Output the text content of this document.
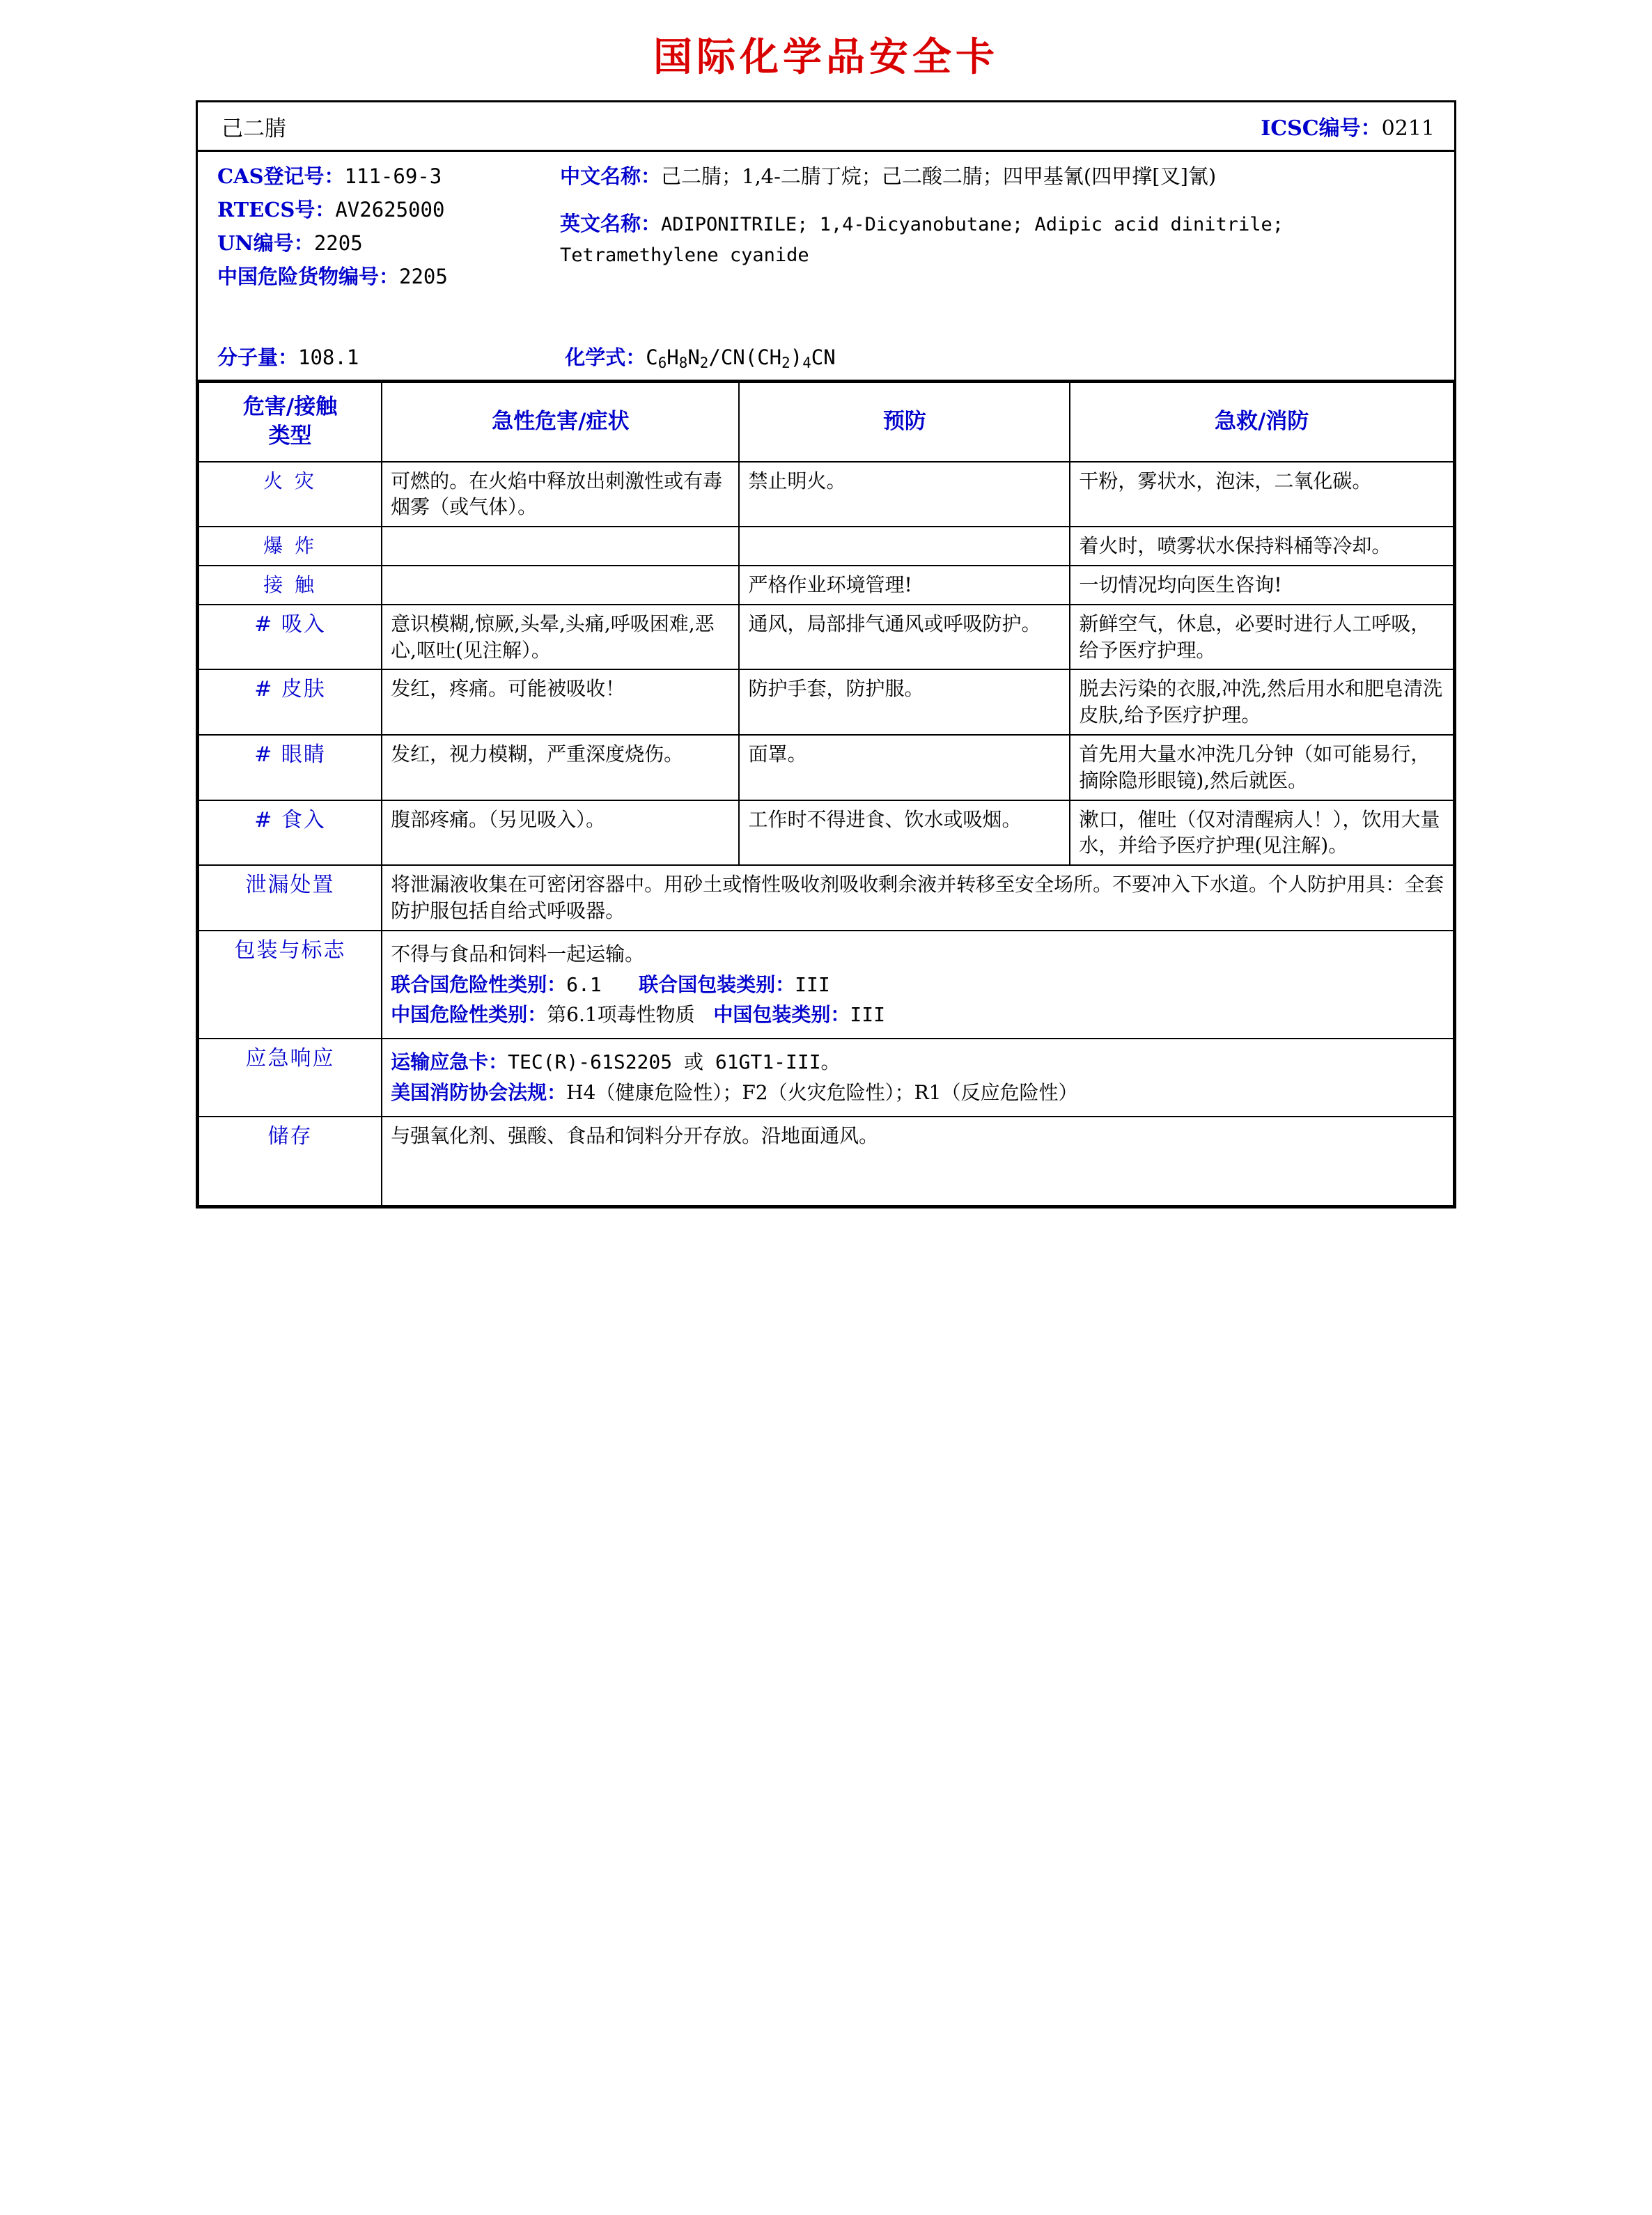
国际化学品安全卡
己二腈	ICSC编号：0211
CAS登记号：111-69-3
RTECS号：AV2625000
UN编号：2205
中国危险货物编号：2205
中文名称：己二腈；1,4-二腈丁烷；己二酸二腈；四甲基氰(四甲撑[叉]氰)
英文名称：ADIPONITRILE; 1,4-Dicyanobutane; Adipic acid dinitrile; Tetramethylene cyanide
分子量：108.1	化学式：$C_6H_8N_2/CN(CH_2)_4CN$
危害/接触
类型	急性危害/症状	预防	急救/消防
火 灾	可燃的。在火焰中释放出刺激性或有毒烟雾（或气体）。	禁止明火。	干粉，雾状水，泡沫，二氧化碳。
爆 炸			着火时，喷雾状水保持料桶等冷却。
接 触		严格作业环境管理!	一切情况均向医生咨询!
# 吸入	意识模糊,惊厥,头晕,头痛,呼吸困难,恶心,呕吐(见注解）。	通风，局部排气通风或呼吸防护。	新鲜空气，休息，必要时进行人工呼吸，给予医疗护理。
# 皮肤	发红，疼痛。可能被吸收！	防护手套，防护服。	脱去污染的衣服,冲洗,然后用水和肥皂清洗皮肤,给予医疗护理。
# 眼睛	发红，视力模糊，严重深度烧伤。	面罩。	首先用大量水冲洗几分钟（如可能易行，摘除隐形眼镜),然后就医。
# 食入	腹部疼痛。（另见吸入）。	工作时不得进食、饮水或吸烟。	漱口，催吐（仅对清醒病人！），饮用大量水，并给予医疗护理(见注解)。
泄漏处置	将泄漏液收集在可密闭容器中。用砂土或惰性吸收剂吸收剩余液并转移至安全场所。不要冲入下水道。个人防护用具：全套防护服包括自给式呼吸器。		
包装与标志	不得与食品和饲料一起运输。
联合国危险性类别：6.1 联合国包装类别：III
中国危险性类别：第6.1项毒性物质 中国包装类别：III		

应急响应	运输应急卡：TEC(R)-61S2205 或 61GT1-III。
美国消防协会法规：H4（健康危险性）；F2（火灾危险性）；R1（反应危险性）		

储存	与强氧化剂、强酸、食品和饲料分开存放。沿地面通风。		
